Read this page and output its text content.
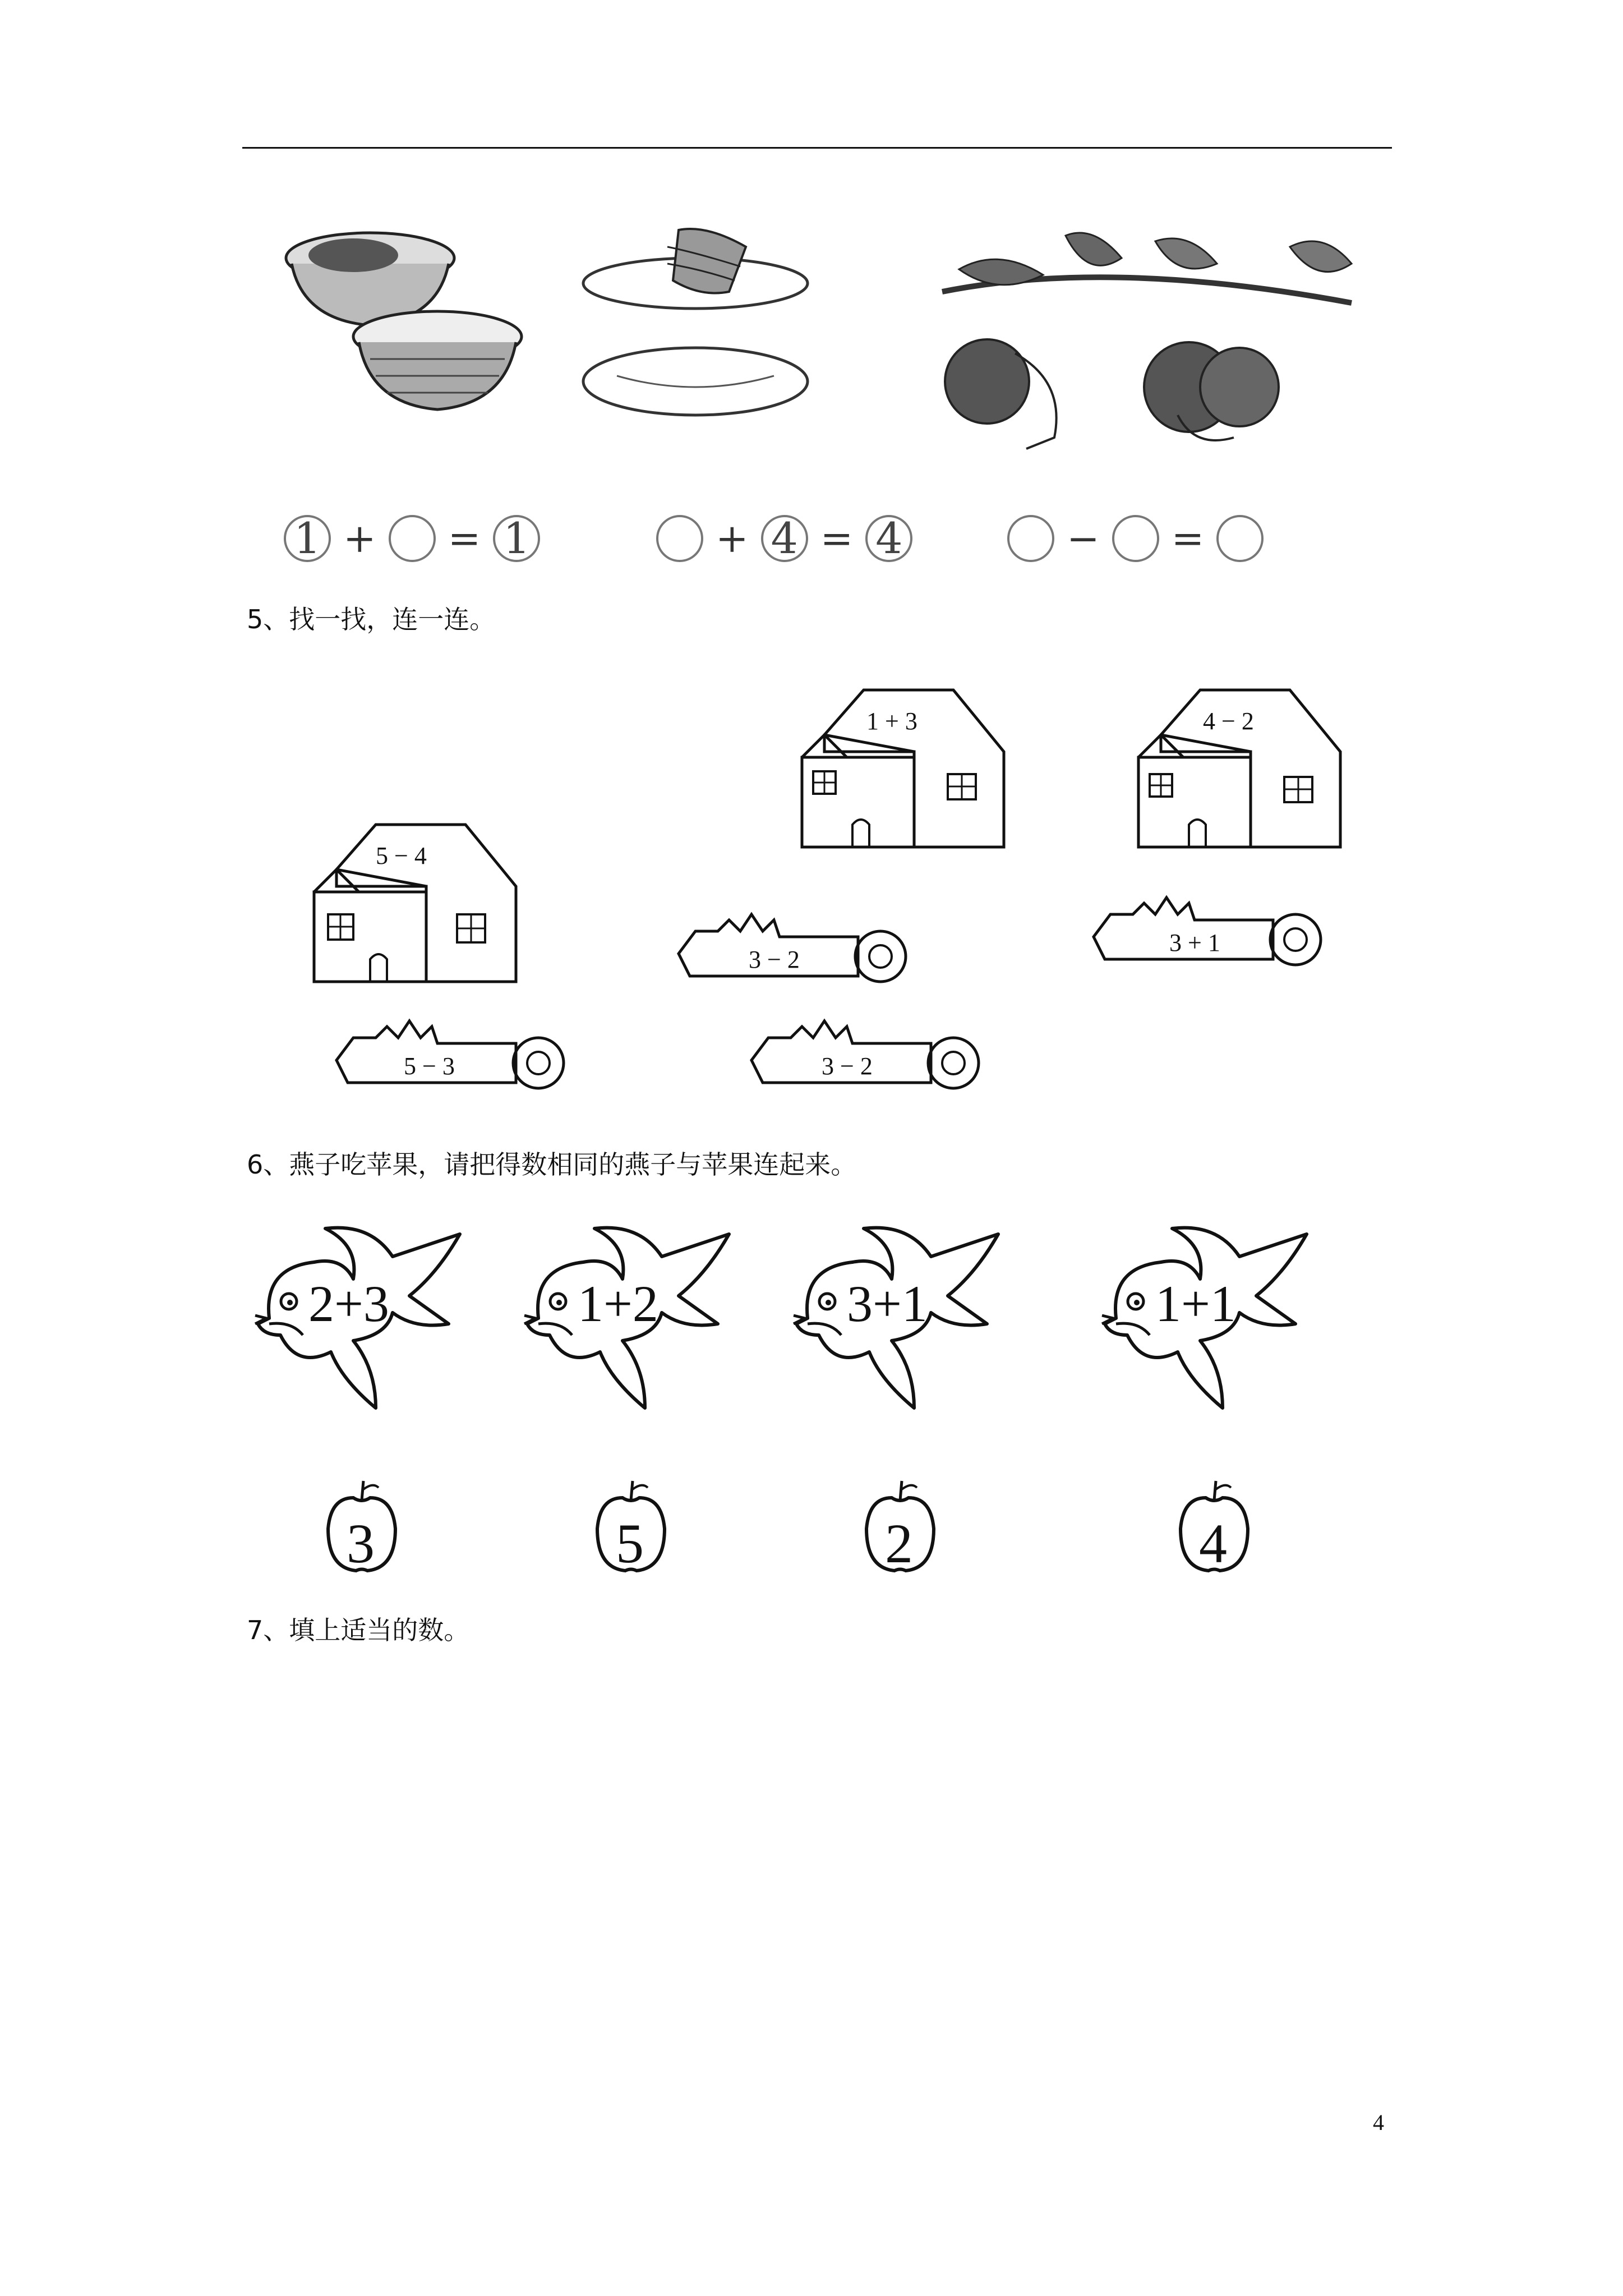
1 + = 1	+ 4 = 4	− =
5、找一找，连一连。
1 + 3	4 − 2
5 − 4
3 − 2
3 + 1
5 − 3	3 − 2
6、燕子吃苹果，请把得数相同的燕子与苹果连起来。
2+3	1+2	3+1	1+1
3	5	2	4
7、填上适当的数。
4
